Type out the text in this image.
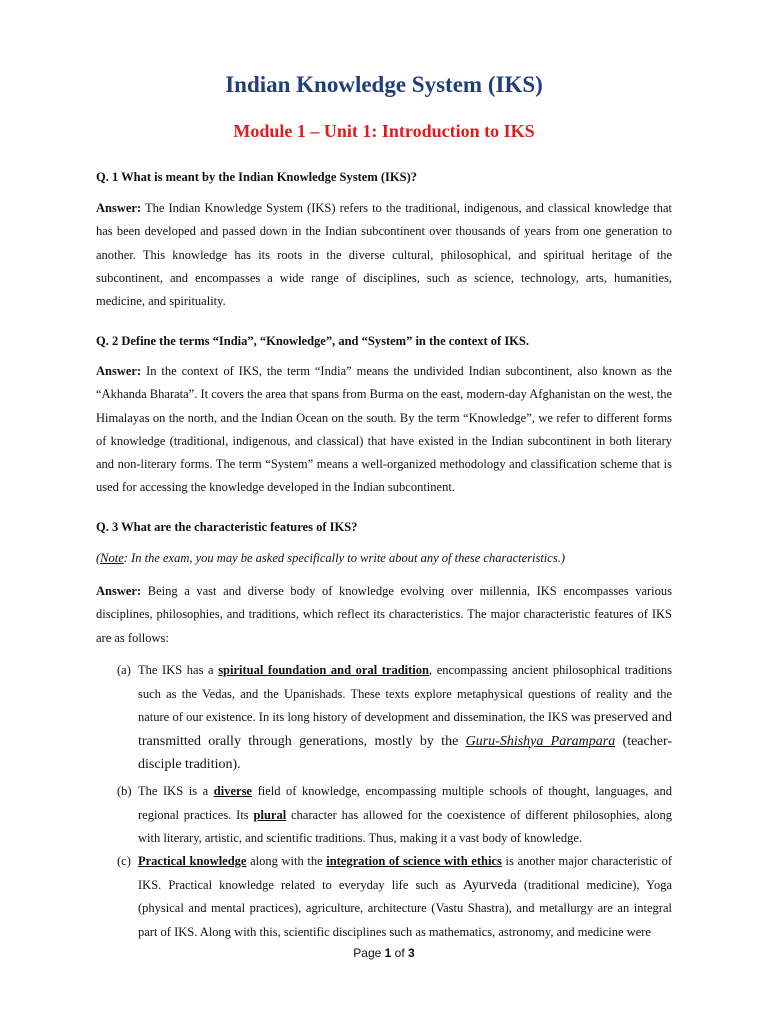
Indian Knowledge System (IKS)
Module 1 – Unit 1: Introduction to IKS
Q. 1 What is meant by the Indian Knowledge System (IKS)?

Answer: The Indian Knowledge System (IKS) refers to the traditional, indigenous, and classical knowledge that has been developed and passed down in the Indian subcontinent over thousands of years from one generation to another. This knowledge has its roots in the diverse cultural, philosophical, and spiritual heritage of the subcontinent, and encompasses a wide range of disciplines, such as science, technology, arts, humanities, medicine, and spirituality.

Q. 2 Define the terms “India”, “Knowledge”, and “System” in the context of IKS.

Answer: In the context of IKS, the term “India” means the undivided Indian subcontinent, also known as the “Akhanda Bharata”. It covers the area that spans from Burma on the east, modern-day Afghanistan on the west, the Himalayas on the north, and the Indian Ocean on the south. By the term “Knowledge”, we refer to different forms of knowledge (traditional, indigenous, and classical) that have existed in the Indian subcontinent in both literary and non-literary forms. The term “System” means a well-organized methodology and classification scheme that is used for accessing the knowledge developed in the Indian subcontinent.

Q. 3 What are the characteristic features of IKS?
(Note: In the exam, you may be asked specifically to write about any of these characteristics.)

Answer: Being a vast and diverse body of knowledge evolving over millennia, IKS encompasses various disciplines, philosophies, and traditions, which reflect its characteristics. The major characteristic features of IKS are as follows:

(a) The IKS has a spiritual foundation and oral tradition, encompassing ancient philosophical traditions such as the Vedas, and the Upanishads. These texts explore metaphysical questions of reality and the nature of our existence. In its long history of development and dissemination, the IKS was preserved and transmitted orally through generations, mostly by the Guru-Shishya Parampara (teacher-disciple tradition).
(b) The IKS is a diverse field of knowledge, encompassing multiple schools of thought, languages, and regional practices. Its plural character has allowed for the coexistence of different philosophies, along with literary, artistic, and scientific traditions. Thus, making it a vast body of knowledge.
(c) Practical knowledge along with the integration of science with ethics is another major characteristic of IKS. Practical knowledge related to everyday life such as Ayurveda (traditional medicine), Yoga (physical and mental practices), agriculture, architecture (Vastu Shastra), and metallurgy are an integral part of IKS. Along with this, scientific disciplines such as mathematics, astronomy, and medicine were
Page 1 of 3
